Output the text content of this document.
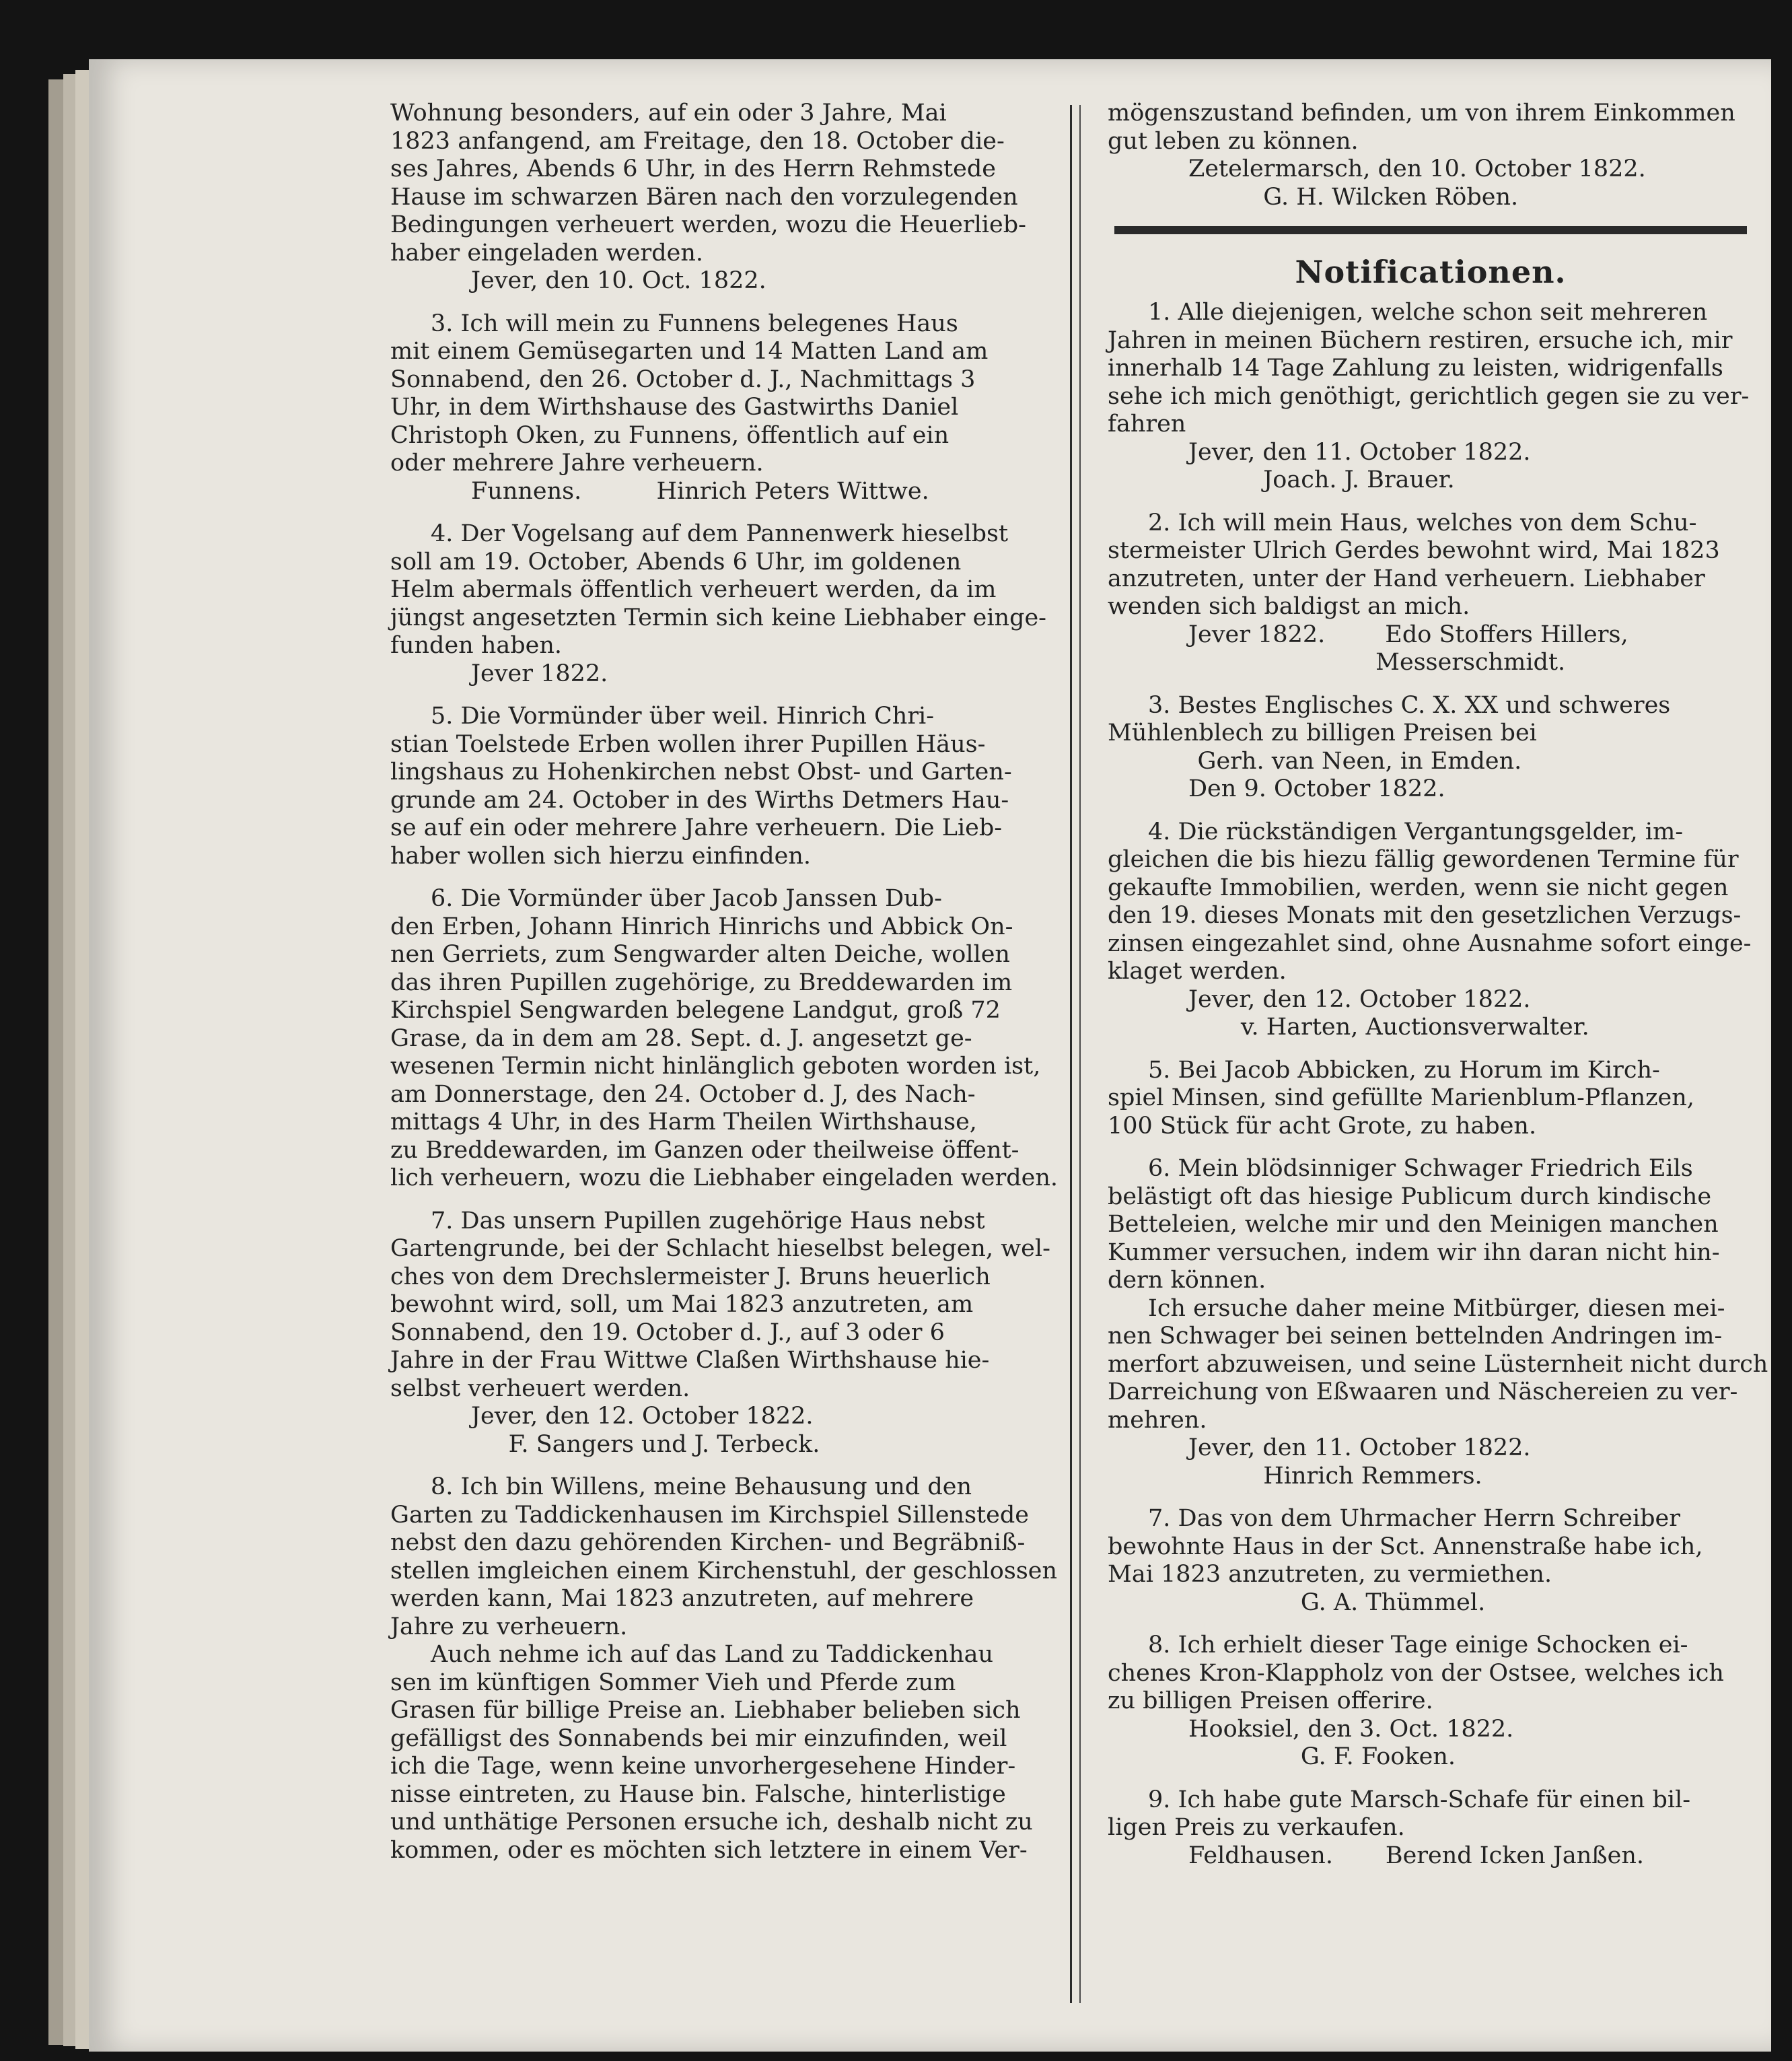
Wohnung besonders, auf ein oder 3 Jahre, Mai

1823 anfangend, am Freitage, den 18. October die-

ses Jahres, Abends 6 Uhr, in des Herrn Rehmstede

Hause im schwarzen Bären nach den vorzulegenden

Bedingungen verheuert werden, wozu die Heuerlieb-

haber eingeladen werden.

Jever, den 10. Oct. 1822.

3. Ich will mein zu Funnens belegenes Haus

mit einem Gemüsegarten und 14 Matten Land am

Sonnabend, den 26. October d. J., Nachmittags 3

Uhr, in dem Wirthshause des Gastwirths Daniel

Christoph Oken, zu Funnens, öffentlich auf ein

oder mehrere Jahre verheuern.

Funnens.          Hinrich Peters Wittwe.

4. Der Vogelsang auf dem Pannenwerk hieselbst

soll am 19. October, Abends 6 Uhr, im goldenen

Helm abermals öffentlich verheuert werden, da im

jüngst angesetzten Termin sich keine Liebhaber einge-

funden haben.

Jever 1822.

5. Die Vormünder über weil. Hinrich Chri-

stian Toelstede Erben wollen ihrer Pupillen Häus-

lingshaus zu Hohenkirchen nebst Obst- und Garten-

grunde am 24. October in des Wirths Detmers Hau-

se auf ein oder mehrere Jahre verheuern. Die Lieb-

haber wollen sich hierzu einfinden.

6. Die Vormünder über Jacob Janssen Dub-

den Erben, Johann Hinrich Hinrichs und Abbick On-

nen Gerriets, zum Sengwarder alten Deiche, wollen

das ihren Pupillen zugehörige, zu Breddewarden im

Kirchspiel Sengwarden belegene Landgut, groß 72

Grase, da in dem am 28. Sept. d. J. angesetzt ge-

wesenen Termin nicht hinlänglich geboten worden ist,

am Donnerstage, den 24. October d. J, des Nach-

mittags 4 Uhr, in des Harm Theilen Wirthshause,

zu Breddewarden, im Ganzen oder theilweise öffent-

lich verheuern, wozu die Liebhaber eingeladen werden.

7. Das unsern Pupillen zugehörige Haus nebst

Gartengrunde, bei der Schlacht hieselbst belegen, wel-

ches von dem Drechslermeister J. Bruns heuerlich

bewohnt wird, soll, um Mai 1823 anzutreten, am

Sonnabend, den 19. October d. J., auf 3 oder 6

Jahre in der Frau Wittwe Claßen Wirthshause hie-

selbst verheuert werden.

Jever, den 12. October 1822.

F. Sangers und J. Terbeck.

8. Ich bin Willens, meine Behausung und den

Garten zu Taddickenhausen im Kirchspiel Sillenstede

nebst den dazu gehörenden Kirchen- und Begräbniß-

stellen imgleichen einem Kirchenstuhl, der geschlossen

werden kann, Mai 1823 anzutreten, auf mehrere

Jahre zu verheuern.

Auch nehme ich auf das Land zu Taddickenhau

sen im künftigen Sommer Vieh und Pferde zum

Grasen für billige Preise an. Liebhaber belieben sich

gefälligst des Sonnabends bei mir einzufinden, weil

ich die Tage, wenn keine unvorhergesehene Hinder-

nisse eintreten, zu Hause bin. Falsche, hinterlistige

und unthätige Personen ersuche ich, deshalb nicht zu

kommen, oder es möchten sich letztere in einem Ver-

mögenszustand befinden, um von ihrem Einkommen

gut leben zu können.

Zetelermarsch, den 10. October 1822.

G. H. Wilcken Röben.

Notificationen.

1. Alle diejenigen, welche schon seit mehreren

Jahren in meinen Büchern restiren, ersuche ich, mir

innerhalb 14 Tage Zahlung zu leisten, widrigenfalls

sehe ich mich genöthigt, gerichtlich gegen sie zu ver-

fahren

Jever, den 11. October 1822.

Joach. J. Brauer.

2. Ich will mein Haus, welches von dem Schu-

stermeister Ulrich Gerdes bewohnt wird, Mai 1823

anzutreten, unter der Hand verheuern. Liebhaber

wenden sich baldigst an mich.

Jever 1822.        Edo Stoffers Hillers,

Messerschmidt.

3. Bestes Englisches C. X. XX und schweres

Mühlenblech zu billigen Preisen bei

Gerh. van Neen, in Emden.

Den 9. October 1822.

4. Die rückständigen Vergantungsgelder, im-

gleichen die bis hiezu fällig gewordenen Termine für

gekaufte Immobilien, werden, wenn sie nicht gegen

den 19. dieses Monats mit den gesetzlichen Verzugs-

zinsen eingezahlet sind, ohne Ausnahme sofort einge-

klaget werden.

Jever, den 12. October 1822.

v. Harten, Auctionsverwalter.

5. Bei Jacob Abbicken, zu Horum im Kirch-

spiel Minsen, sind gefüllte Marienblum-Pflanzen,

100 Stück für acht Grote, zu haben.

6. Mein blödsinniger Schwager Friedrich Eils

belästigt oft das hiesige Publicum durch kindische

Betteleien, welche mir und den Meinigen manchen

Kummer versuchen, indem wir ihn daran nicht hin-

dern können.

Ich ersuche daher meine Mitbürger, diesen mei-

nen Schwager bei seinen bettelnden Andringen im-

merfort abzuweisen, und seine Lüsternheit nicht durch

Darreichung von Eßwaaren und Näschereien zu ver-

mehren.

Jever, den 11. October 1822.

Hinrich Remmers.

7. Das von dem Uhrmacher Herrn Schreiber

bewohnte Haus in der Sct. Annenstraße habe ich,

Mai 1823 anzutreten, zu vermiethen.

G. A. Thümmel.

8. Ich erhielt dieser Tage einige Schocken ei-

chenes Kron-Klappholz von der Ostsee, welches ich

zu billigen Preisen offerire.

Hooksiel, den 3. Oct. 1822.

G. F. Fooken.

9. Ich habe gute Marsch-Schafe für einen bil-

ligen Preis zu verkaufen.

Feldhausen.       Berend Icken Janßen.
